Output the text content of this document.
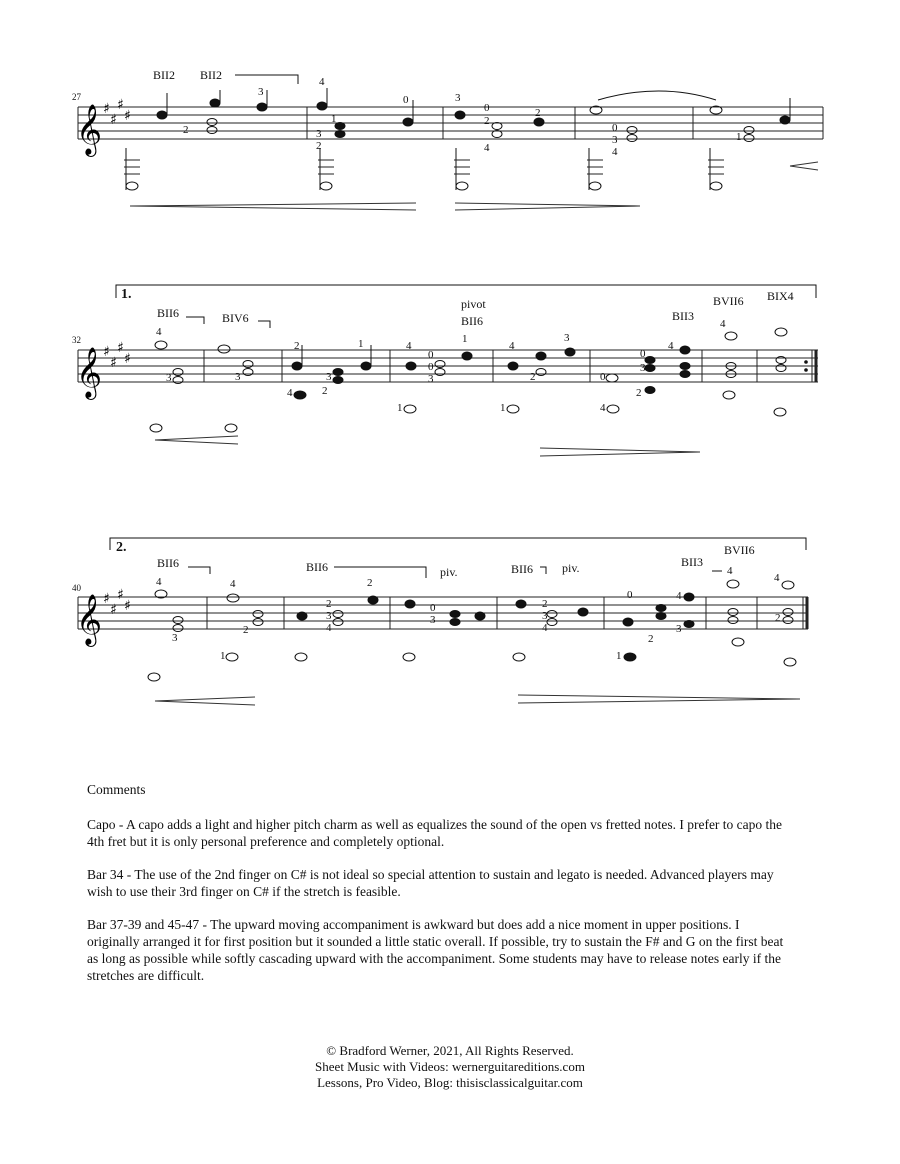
𝄞 ♯
♯
♯
♯
27
BII2 BII2
2
3
4
1
3
2
0	3
0
2
2
4
0
3
4
1
𝄞 ♯
♯
♯
♯
1.
32
BII6	BIV6
pivot
BII6	BII3
BVII6 BIX4
4
3	3
2	1
4	2
3
4
0
0
3
1
1
4
3
2
1
0
0
3
2
4
4
4
𝄞 ♯
♯
♯
♯
2.
40
BII6	BII6	piv.	BII6 piv.	BII3
BVII6
4
3
4
2
1
2
3
4
2
0
3
2
3
4
0
2
1
4
3
4
4
2

Comments

Capo - A capo adds a light and higher pitch charm as well as equalizes the sound of the open vs fretted notes. I prefer to capo the 4th fret but it is only personal preference and completely optional.

Bar 34 - The use of the 2nd finger on C# is not ideal so special attention to sustain and legato is needed. Advanced players may wish to use their 3rd finger on C# if the stretch is feasible.

Bar 37-39 and 45-47 - The upward moving accompaniment is awkward but does add a nice moment in upper positions. I originally arranged it for first position but it sounded a little static overall. If possible, try to sustain the F# and G on the first beat as long as possible while softly cascading upward with the accompaniment. Some students may have to release notes early if the stretches are difficult.

© Bradford Werner, 2021, All Rights Reserved.
Sheet Music with Videos: wernerguitareditions.com
Lessons, Pro Video, Blog: thisisclassicalguitar.com
